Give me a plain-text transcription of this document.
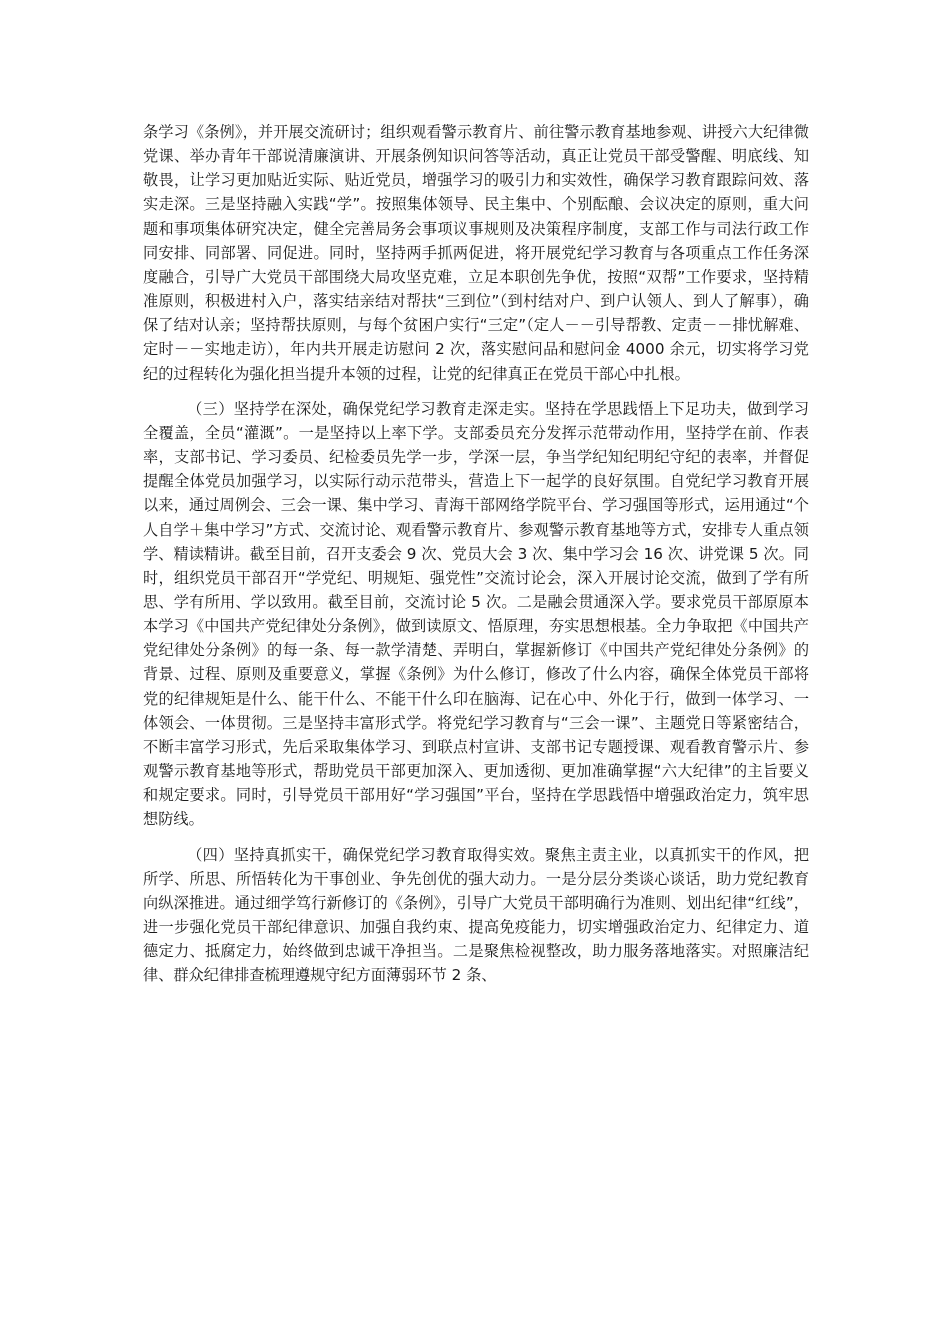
条学习《条例》，并开展交流研讨；组织观看警示教育片、前往警示教育基地参观、讲授六大纪律微党课、举办青年干部说清廉演讲、开展条例知识问答等活动，真正让党员干部受警醒、明底线、知敬畏，让学习更加贴近实际、贴近党员，增强学习的吸引力和实效性，确保学习教育跟踪问效、落实走深。三是坚持融入实践“学”。按照集体领导、民主集中、个别酝酿、会议决定的原则，重大问题和事项集体研究决定，健全完善局务会事项议事规则及决策程序制度，支部工作与司法行政工作同安排、同部署、同促进。同时，坚持两手抓两促进，将开展党纪学习教育与各项重点工作任务深度融合，引导广大党员干部围绕大局攻坚克难，立足本职创先争优，按照“双帮”工作要求，坚持精准原则，积极进村入户，落实结亲结对帮扶“三到位”（到村结对户、到户认领人、到人了解事），确保了结对认亲；坚持帮扶原则，与每个贫困户实行“三定”（定人－－引导帮教、定责－－排忧解难、定时－－实地走访），年内共开展走访慰问 2 次，落实慰问品和慰问金 4000 余元，切实将学习党纪的过程转化为强化担当提升本领的过程，让党的纪律真正在党员干部心中扎根。

（三）坚持学在深处，确保党纪学习教育走深走实。坚持在学思践悟上下足功夫，做到学习全覆盖，全员“灌溉”。一是坚持以上率下学。支部委员充分发挥示范带动作用，坚持学在前、作表率，支部书记、学习委员、纪检委员先学一步，学深一层，争当学纪知纪明纪守纪的表率，并督促提醒全体党员加强学习，以实际行动示范带头，营造上下一起学的良好氛围。自党纪学习教育开展以来，通过周例会、三会一课、集中学习、青海干部网络学院平台、学习强国等形式，运用通过“个人自学＋集中学习”方式、交流讨论、观看警示教育片、参观警示教育基地等方式，安排专人重点领学、精读精讲。截至目前，召开支委会 9 次、党员大会 3 次、集中学习会 16 次、讲党课 5 次。同时，组织党员干部召开“学党纪、明规矩、强党性”交流讨论会，深入开展讨论交流，做到了学有所思、学有所用、学以致用。截至目前，交流讨论 5 次。二是融会贯通深入学。要求党员干部原原本本学习《中国共产党纪律处分条例》，做到读原文、悟原理，夯实思想根基。全力争取把《中国共产党纪律处分条例》的每一条、每一款学清楚、弄明白，掌握新修订《中国共产党纪律处分条例》的背景、过程、原则及重要意义，掌握《条例》为什么修订，修改了什么内容，确保全体党员干部将党的纪律规矩是什么、能干什么、不能干什么印在脑海、记在心中、外化于行，做到一体学习、一体领会、一体贯彻。三是坚持丰富形式学。将党纪学习教育与“三会一课”、主题党日等紧密结合，不断丰富学习形式，先后采取集体学习、到联点村宣讲、支部书记专题授课、观看教育警示片、参观警示教育基地等形式，帮助党员干部更加深入、更加透彻、更加准确掌握“六大纪律”的主旨要义和规定要求。同时，引导党员干部用好“学习强国”平台，坚持在学思践悟中增强政治定力，筑牢思想防线。

（四）坚持真抓实干，确保党纪学习教育取得实效。聚焦主责主业，以真抓实干的作风，把所学、所思、所悟转化为干事创业、争先创优的强大动力。一是分层分类谈心谈话，助力党纪教育向纵深推进。通过细学笃行新修订的《条例》，引导广大党员干部明确行为准则、划出纪律“红线”，进一步强化党员干部纪律意识、加强自我约束、提高免疫能力，切实增强政治定力、纪律定力、道德定力、抵腐定力，始终做到忠诚干净担当。二是聚焦检视整改，助力服务落地落实。对照廉洁纪律、群众纪律排查梳理遵规守纪方面薄弱环节 2 条、
